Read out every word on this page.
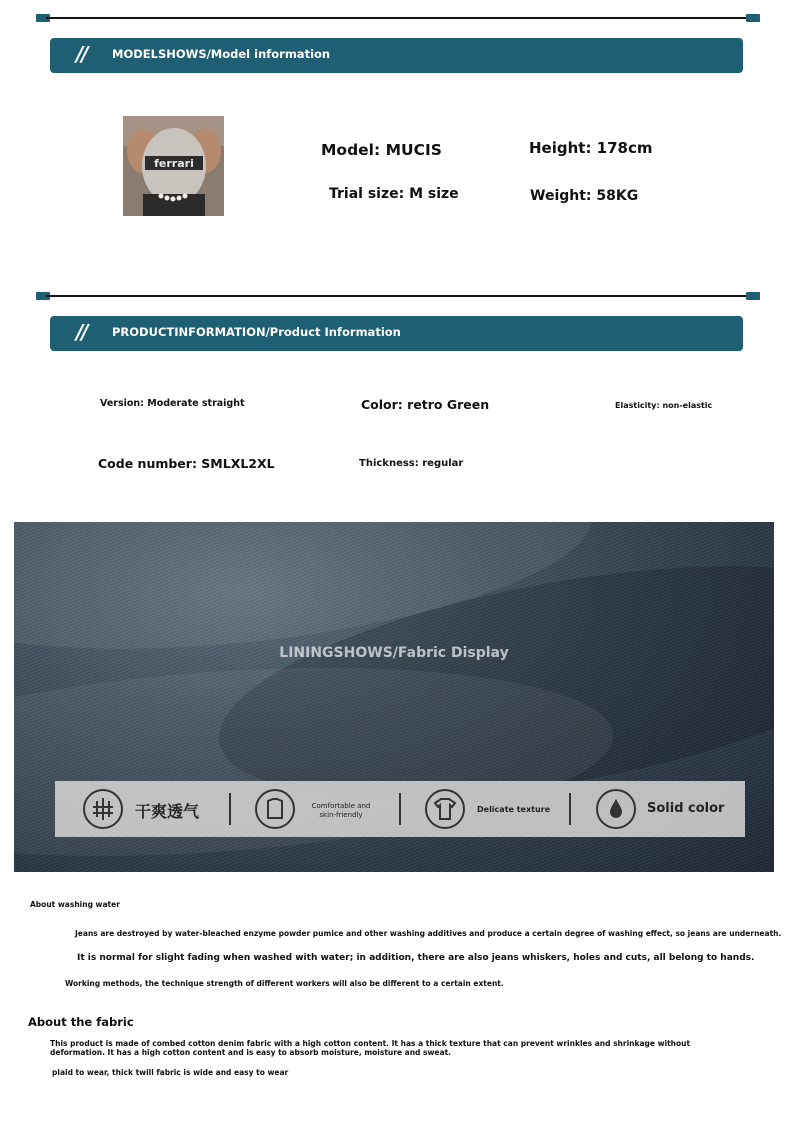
// MODELSHOWS/Model information
ferrari
Model: MUCIS	Height: 178cm
Trial size: M size	Weight: 58KG
// PRODUCTINFORMATION/Product Information
Version: Moderate straight	Color: retro Green	Elasticity: non-elastic
Code number: SMLXL2XL	Thickness: regular
LININGSHOWS/Fabric Display
干爽透气	Comfortable and skin-friendly
Delicate texture	Solid color
About washing water
Jeans are destroyed by water-bleached enzyme powder pumice and other washing additives and produce a certain degree of washing effect, so jeans are underneath.
It is normal for slight fading when washed with water; in addition, there are also jeans whiskers, holes and cuts, all belong to hands.
Working methods, the technique strength of different workers will also be different to a certain extent.
About the fabric
This product is made of combed cotton denim fabric with a high cotton content. It has a thick texture that can prevent wrinkles and shrinkage without
deformation. It has a high cotton content and is easy to absorb moisture, moisture and sweat.
plaid to wear, thick twill fabric is wide and easy to wear
